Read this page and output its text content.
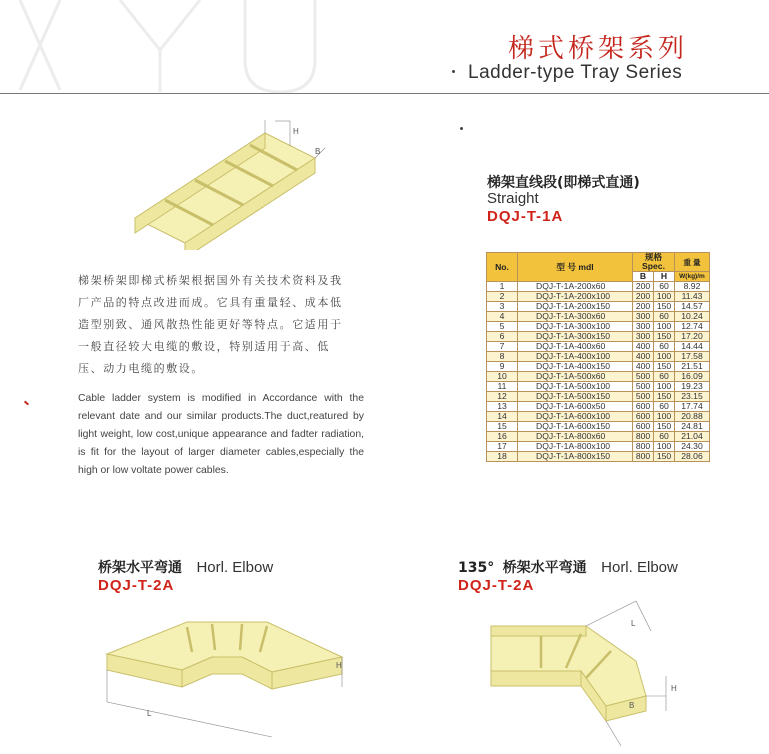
梯式桥架系列
Ladder-type Tray Series
H
B
梯架桥架即梯式桥架根据国外有关技术资料及我
厂产品的特点改进而成。它具有重量轻、成本低
造型别致、通风散热性能更好等特点。它适用于
一般直径较大电缆的敷设，特别适用于高、低
压、动力电缆的敷设。
Cable ladder system is modified in Accordance with the relevant date and our similar products.The duct,reatured by light weight, low cost,unique appearance and fadter radiation, is fit for the layout of larger diameter cables,especially the high or low voltate power cables.
梯架直线段(即梯式直通)
Straight
DQJ-T-1A
No.	型 号 mdl	规格 Spec.		重 量
		B	H	W(kg)/m
1	DQJ-T-1A-200x60	200	60	8.92
2	DQJ-T-1A-200x100	200	100	11.43
3	DQJ-T-1A-200x150	200	150	14.57
4	DQJ-T-1A-300x60	300	60	10.24
5	DQJ-T-1A-300x100	300	100	12.74
6	DQJ-T-1A-300x150	300	150	17.20
7	DQJ-T-1A-400x60	400	60	14.44
8	DQJ-T-1A-400x100	400	100	17.58
9	DQJ-T-1A-400x150	400	150	21.51
10	DQJ-T-1A-500x60	500	60	16.09
11	DQJ-T-1A-500x100	500	100	19.23
12	DQJ-T-1A-500x150	500	150	23.15
13	DQJ-T-1A-600x50	600	60	17.74
14	DQJ-T-1A-600x100	600	100	20.88
15	DQJ-T-1A-600x150	600	150	24.81
16	DQJ-T-1A-800x60	800	60	21.04
17	DQJ-T-1A-800x100	800	100	24.30
18	DQJ-T-1A-800x150	800	150	28.06
桥架水平弯通 Horl. Elbow
DQJ-T-2A
H
L
135° 桥架水平弯通 Horl. Elbow
DQJ-T-2A
L
H
B
